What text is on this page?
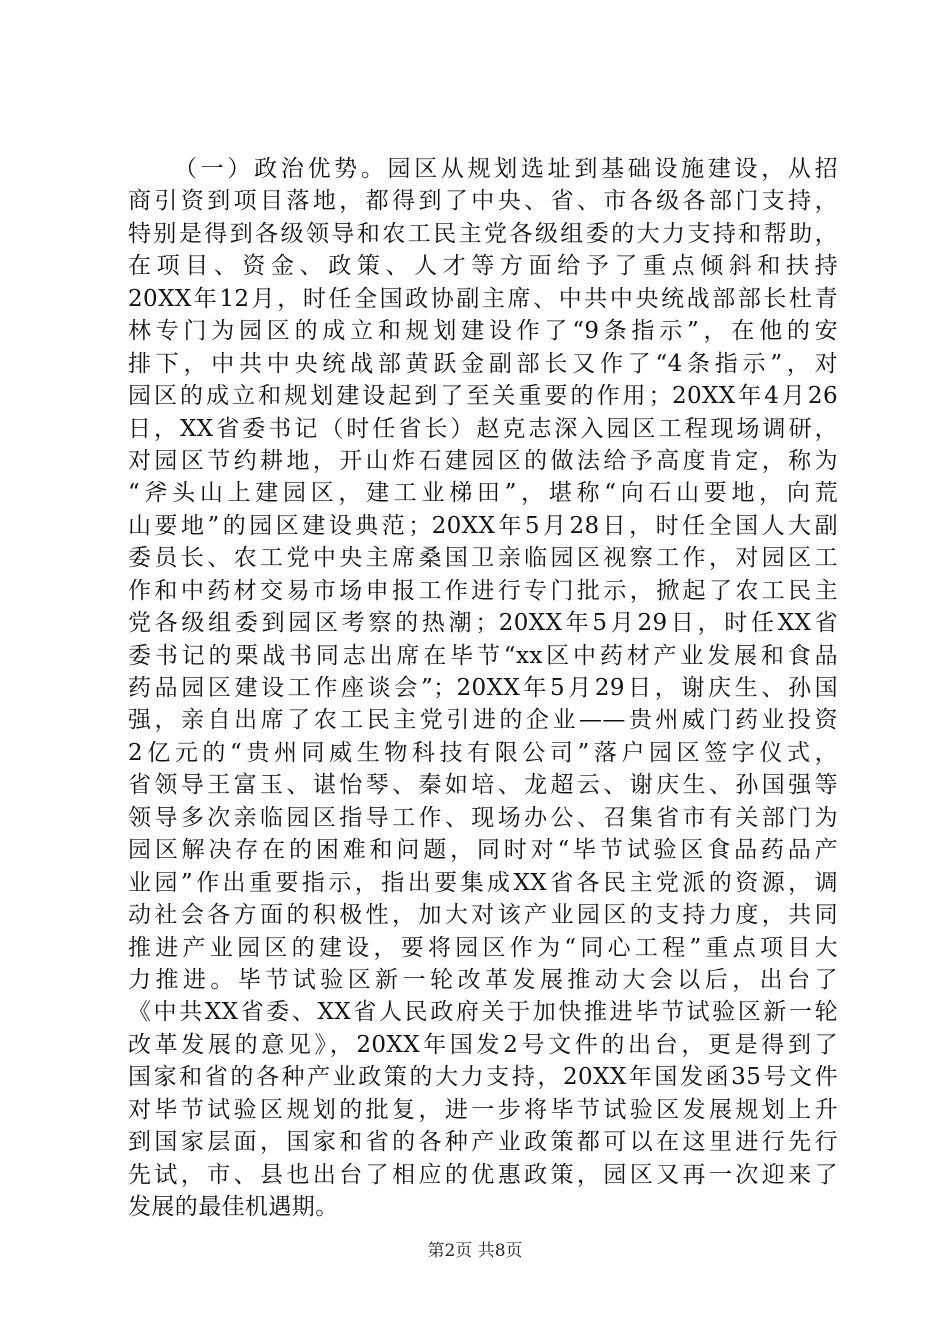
（一）政治优势。园区从规划选址到基础设施建设，从招
商引资到项目落地，都得到了中央、省、市各级各部门支持，
特别是得到各级领导和农工民主党各级组委的大力支持和帮助，
在项目、资金、政策、人才等方面给予了重点倾斜和扶持
20XX年12月，时任全国政协副主席、中共中央统战部部长杜青
林专门为园区的成立和规划建设作了“9条指示”，在他的安
排下，中共中央统战部黄跃金副部长又作了“4条指示”，对
园区的成立和规划建设起到了至关重要的作用；20XX年4月26
日，XX省委书记（时任省长）赵克志深入园区工程现场调研，
对园区节约耕地，开山炸石建园区的做法给予高度肯定，称为
“斧头山上建园区，建工业梯田”，堪称“向石山要地，向荒
山要地”的园区建设典范；20XX年5月28日，时任全国人大副
委员长、农工党中央主席桑国卫亲临园区视察工作，对园区工
作和中药材交易市场申报工作进行专门批示，掀起了农工民主
党各级组委到园区考察的热潮；20XX年5月29日，时任XX省
委书记的栗战书同志出席在毕节“xx区中药材产业发展和食品
药品园区建设工作座谈会”；20XX年5月29日，谢庆生、孙国
强，亲自出席了农工民主党引进的企业——贵州威门药业投资
2亿元的“贵州同威生物科技有限公司”落户园区签字仪式，
省领导王富玉、谌怡琴、秦如培、龙超云、谢庆生、孙国强等
领导多次亲临园区指导工作、现场办公、召集省市有关部门为
园区解决存在的困难和问题，同时对“毕节试验区食品药品产
业园”作出重要指示，指出要集成XX省各民主党派的资源，调
动社会各方面的积极性，加大对该产业园区的支持力度，共同
推进产业园区的建设，要将园区作为“同心工程”重点项目大
力推进。毕节试验区新一轮改革发展推动大会以后，出台了
《中共XX省委、XX省人民政府关于加快推进毕节试验区新一轮
改革发展的意见》，20XX年国发2号文件的出台，更是得到了
国家和省的各种产业政策的大力支持，20XX年国发函35号文件
对毕节试验区规划的批复，进一步将毕节试验区发展规划上升
到国家层面，国家和省的各种产业政策都可以在这里进行先行
先试，市、县也出台了相应的优惠政策，园区又再一次迎来了
发展的最佳机遇期。
第2页 共8页
